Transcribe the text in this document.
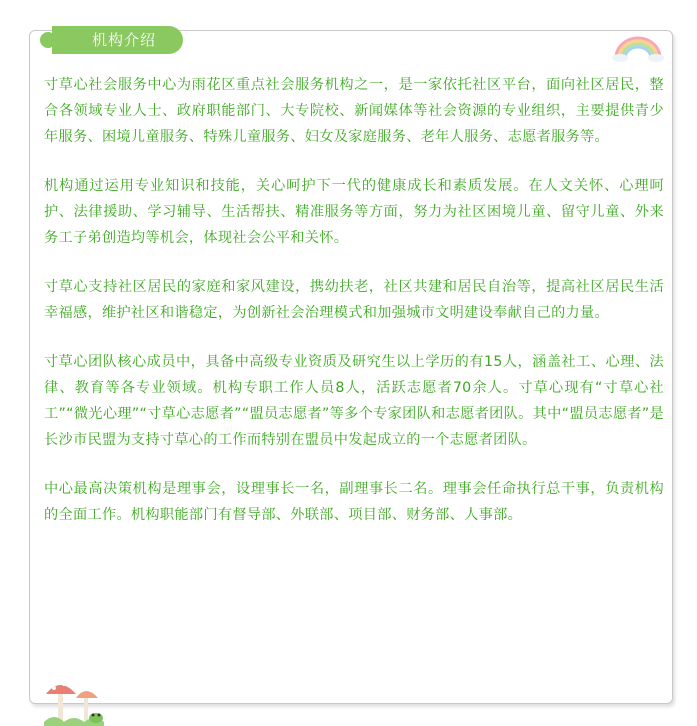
机构介绍

寸草心社会服务中心为雨花区重点社会服务机构之一，是一家依托社区平台，面向社区居民，整合各领域专业人士、政府职能部门、大专院校、新闻媒体等社会资源的专业组织，主要提供青少年服务、困境儿童服务、特殊儿童服务、妇女及家庭服务、老年人服务、志愿者服务等。

机构通过运用专业知识和技能，关心呵护下一代的健康成长和素质发展。在人文关怀、心理呵护、法律援助、学习辅导、生活帮扶、精准服务等方面，努力为社区困境儿童、留守儿童、外来务工子弟创造均等机会，体现社会公平和关怀。

寸草心支持社区居民的家庭和家风建设，携幼扶老，社区共建和居民自治等，提高社区居民生活幸福感，维护社区和谐稳定，为创新社会治理模式和加强城市文明建设奉献自己的力量。

寸草心团队核心成员中，具备中高级专业资质及研究生以上学历的有15人，涵盖社工、心理、法律、教育等各专业领域。机构专职工作人员8人，活跃志愿者70余人。寸草心现有“寸草心社工”“微光心理”“寸草心志愿者”“盟员志愿者”等多个专家团队和志愿者团队。其中“盟员志愿者”是长沙市民盟为支持寸草心的工作而特别在盟员中发起成立的一个志愿者团队。

中心最高决策机构是理事会，设理事长一名，副理事长二名。理事会任命执行总干事，负责机构的全面工作。机构职能部门有督导部、外联部、项目部、财务部、人事部。
